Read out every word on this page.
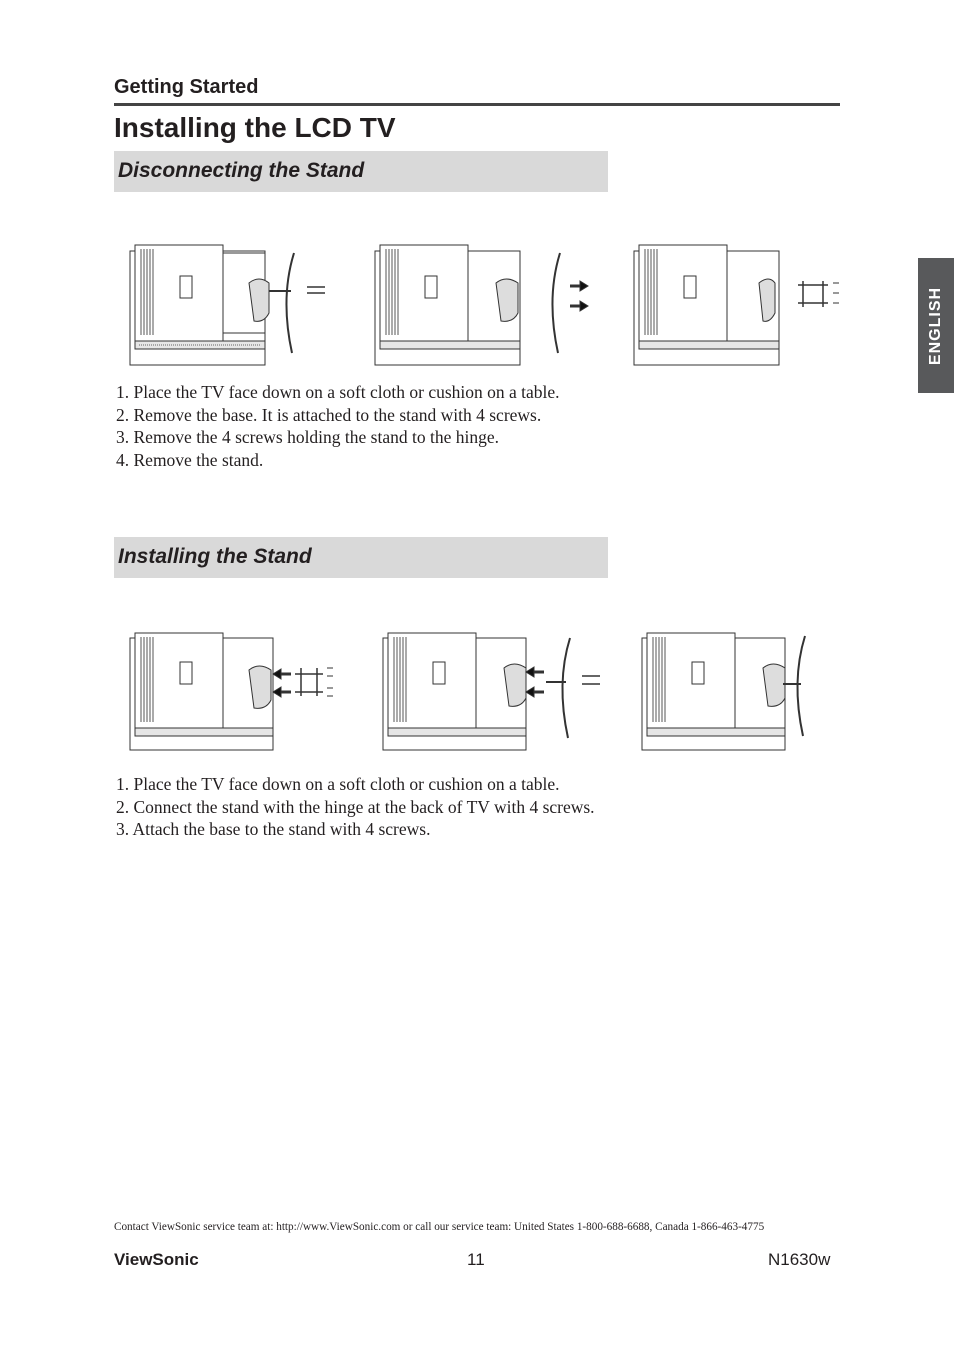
Getting Started
Installing the LCD TV
ENGLISH
Disconnecting the Stand
1. Place the TV face down on a soft cloth or cushion on a table.
2. Remove the base. It is attached to the stand with 4 screws.
3. Remove the 4 screws holding the stand to the hinge.
4. Remove the stand.
Installing the Stand
1. Place the TV face down on a soft cloth or cushion on a table.
2. Connect the stand with the hinge at the back of TV with 4 screws.
3. Attach the base to the stand with 4 screws.
Contact ViewSonic service team at: http://www.ViewSonic.com or call our service team: United States 1-800-688-6688, Canada 1-866-463-4775
ViewSonic	11	N1630w
